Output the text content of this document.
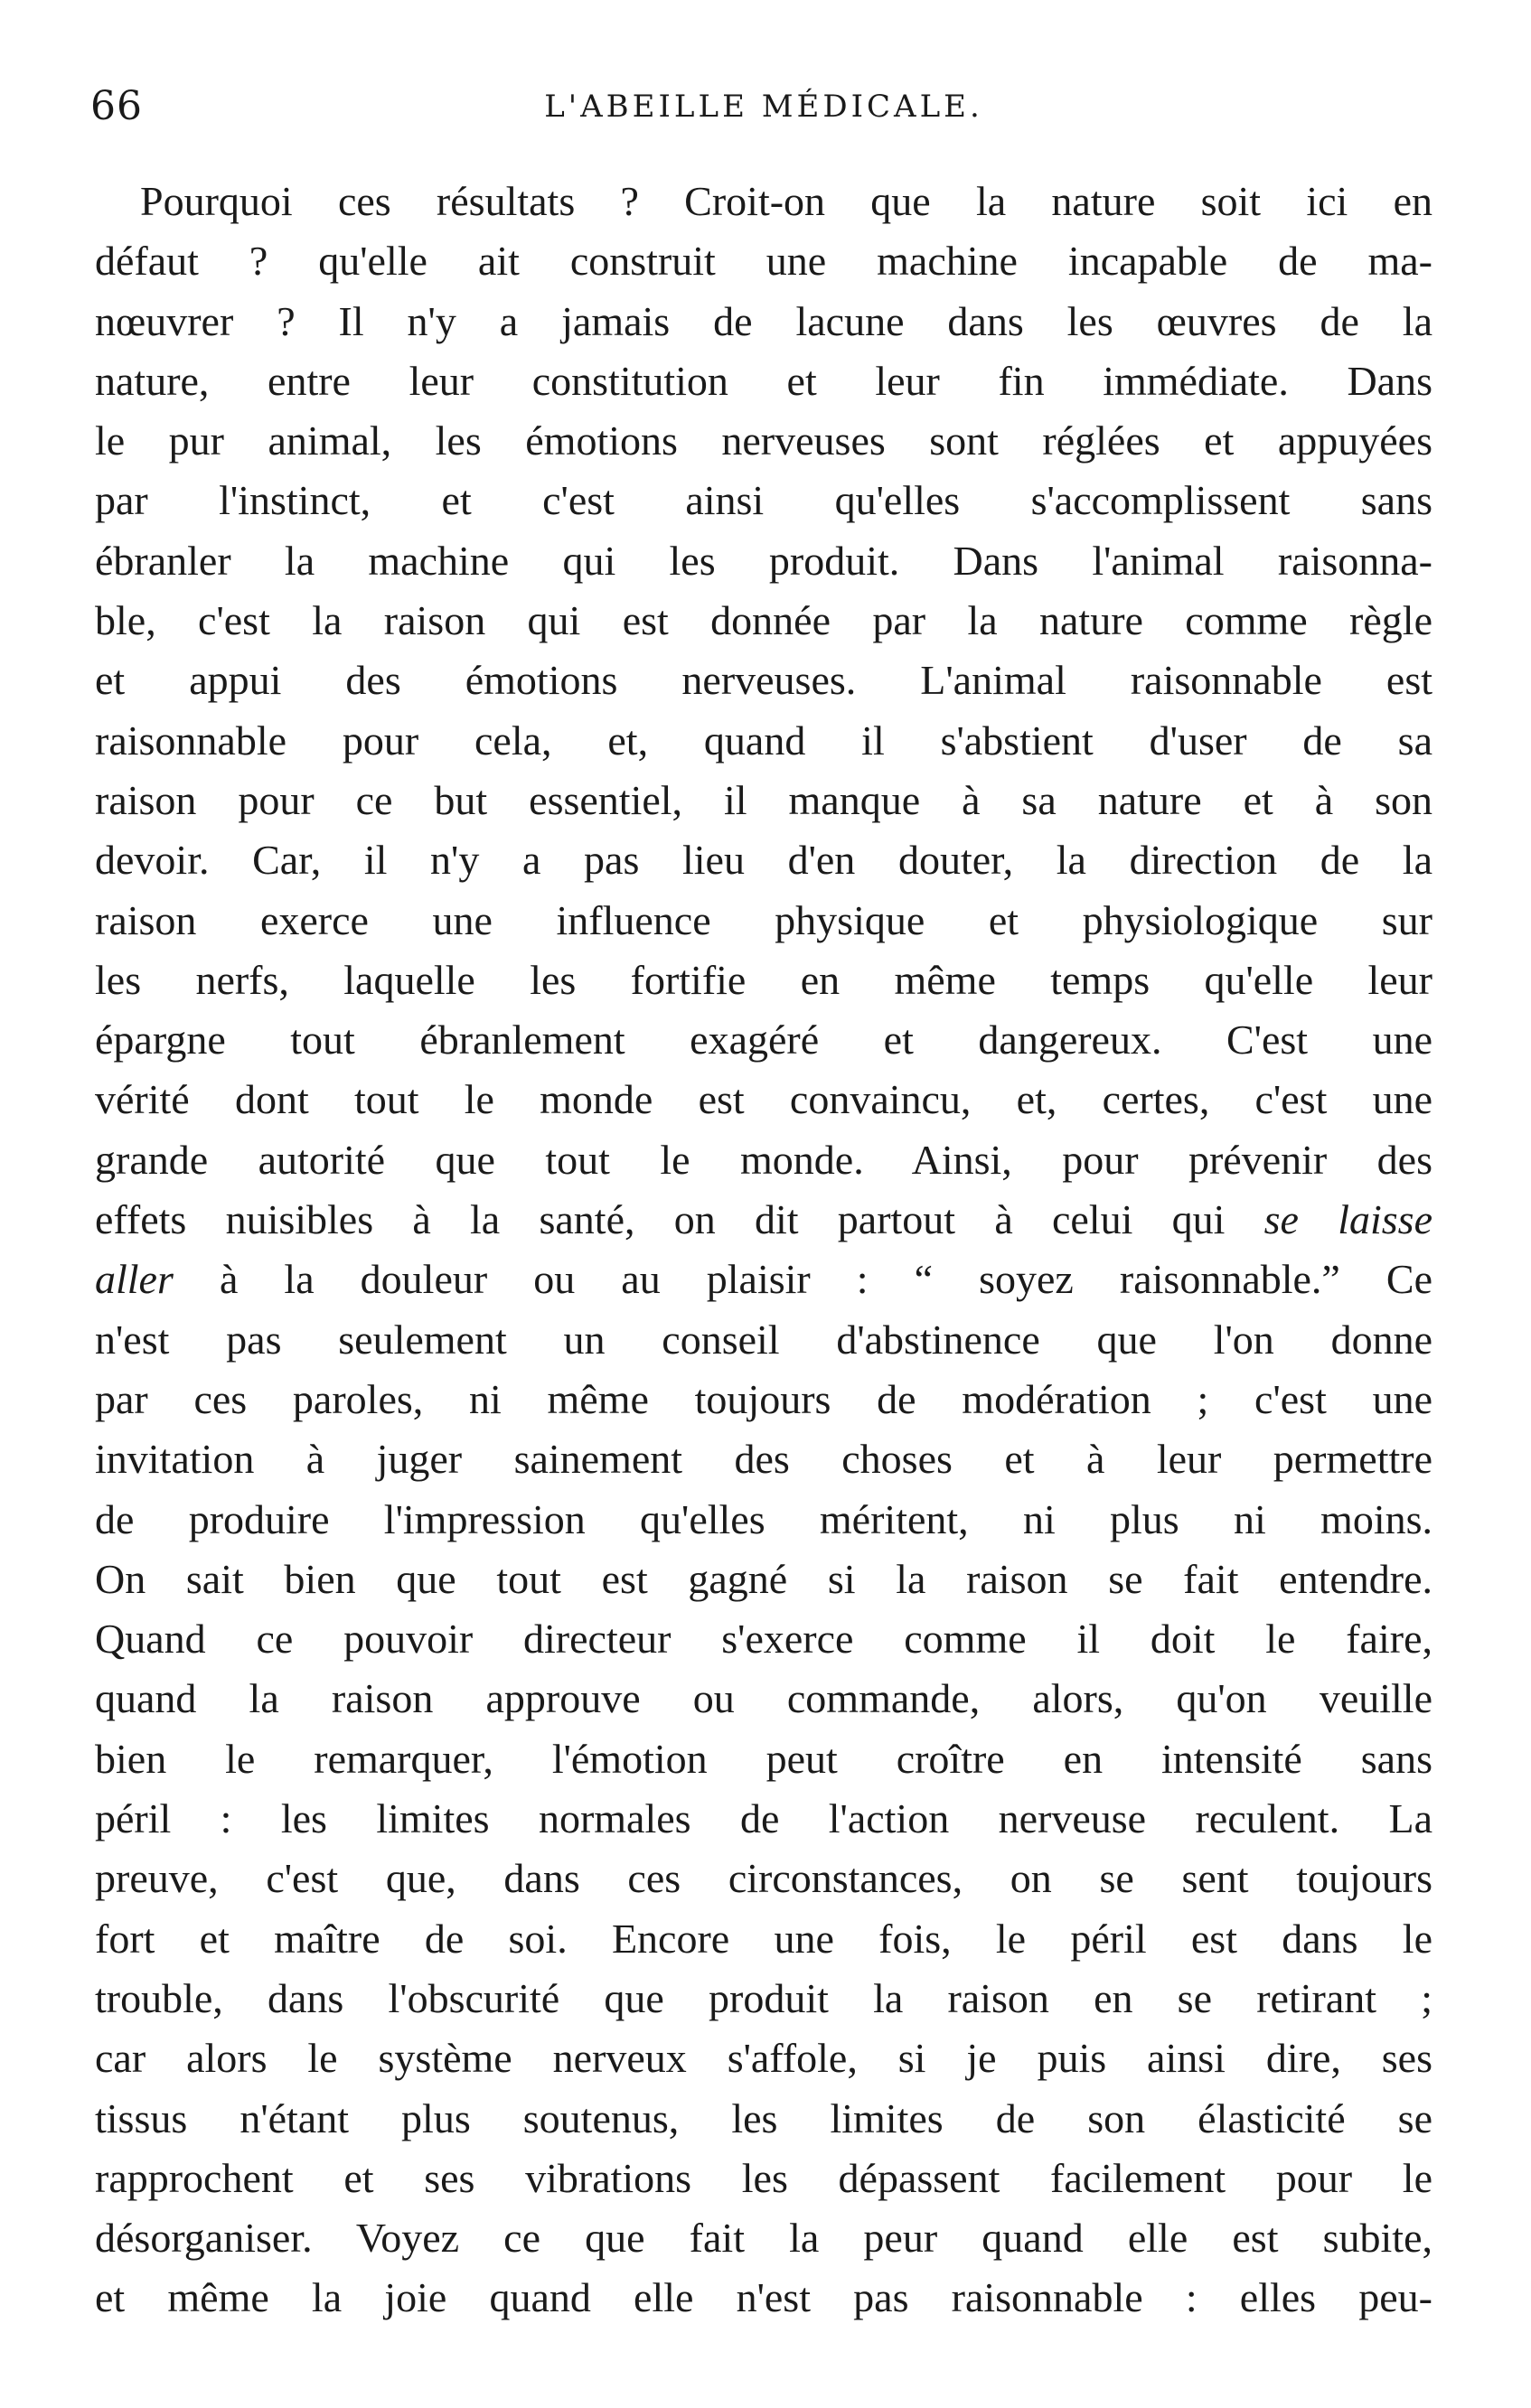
66	L'ABEILLE MÉDICALE.
Pourquoi ces résultats ? Croit-on que la nature soit ici en
défaut ? qu'elle ait construit une machine incapable de ma-
nœuvrer ? Il n'y a jamais de lacune dans les œuvres de la
nature, entre leur constitution et leur fin immédiate. Dans
le pur animal, les émotions nerveuses sont réglées et appuyées
par l'instinct, et c'est ainsi qu'elles s'accomplissent sans
ébranler la machine qui les produit. Dans l'animal raisonna-
ble, c'est la raison qui est donnée par la nature comme règle
et appui des émotions nerveuses. L'animal raisonnable est
raisonnable pour cela, et, quand il s'abstient d'user de sa
raison pour ce but essentiel, il manque à sa nature et à son
devoir. Car, il n'y a pas lieu d'en douter, la direction de la
raison exerce une influence physique et physiologique sur
les nerfs, laquelle les fortifie en même temps qu'elle leur
épargne tout ébranlement exagéré et dangereux. C'est une
vérité dont tout le monde est convaincu, et, certes, c'est une
grande autorité que tout le monde. Ainsi, pour prévenir des
effets nuisibles à la santé, on dit partout à celui qui se laisse
aller à la douleur ou au plaisir : “ soyez raisonnable.” Ce
n'est pas seulement un conseil d'abstinence que l'on donne
par ces paroles, ni même toujours de modération ; c'est une
invitation à juger sainement des choses et à leur permettre
de produire l'impression qu'elles méritent, ni plus ni moins.
On sait bien que tout est gagné si la raison se fait entendre.
Quand ce pouvoir directeur s'exerce comme il doit le faire,
quand la raison approuve ou commande, alors, qu'on veuille
bien le remarquer, l'émotion peut croître en intensité sans
péril : les limites normales de l'action nerveuse reculent. La
preuve, c'est que, dans ces circonstances, on se sent toujours
fort et maître de soi. Encore une fois, le péril est dans le
trouble, dans l'obscurité que produit la raison en se retirant ;
car alors le système nerveux s'affole, si je puis ainsi dire, ses
tissus n'étant plus soutenus, les limites de son élasticité se
rapprochent et ses vibrations les dépassent facilement pour le
désorganiser. Voyez ce que fait la peur quand elle est subite,
et même la joie quand elle n'est pas raisonnable : elles peu-
